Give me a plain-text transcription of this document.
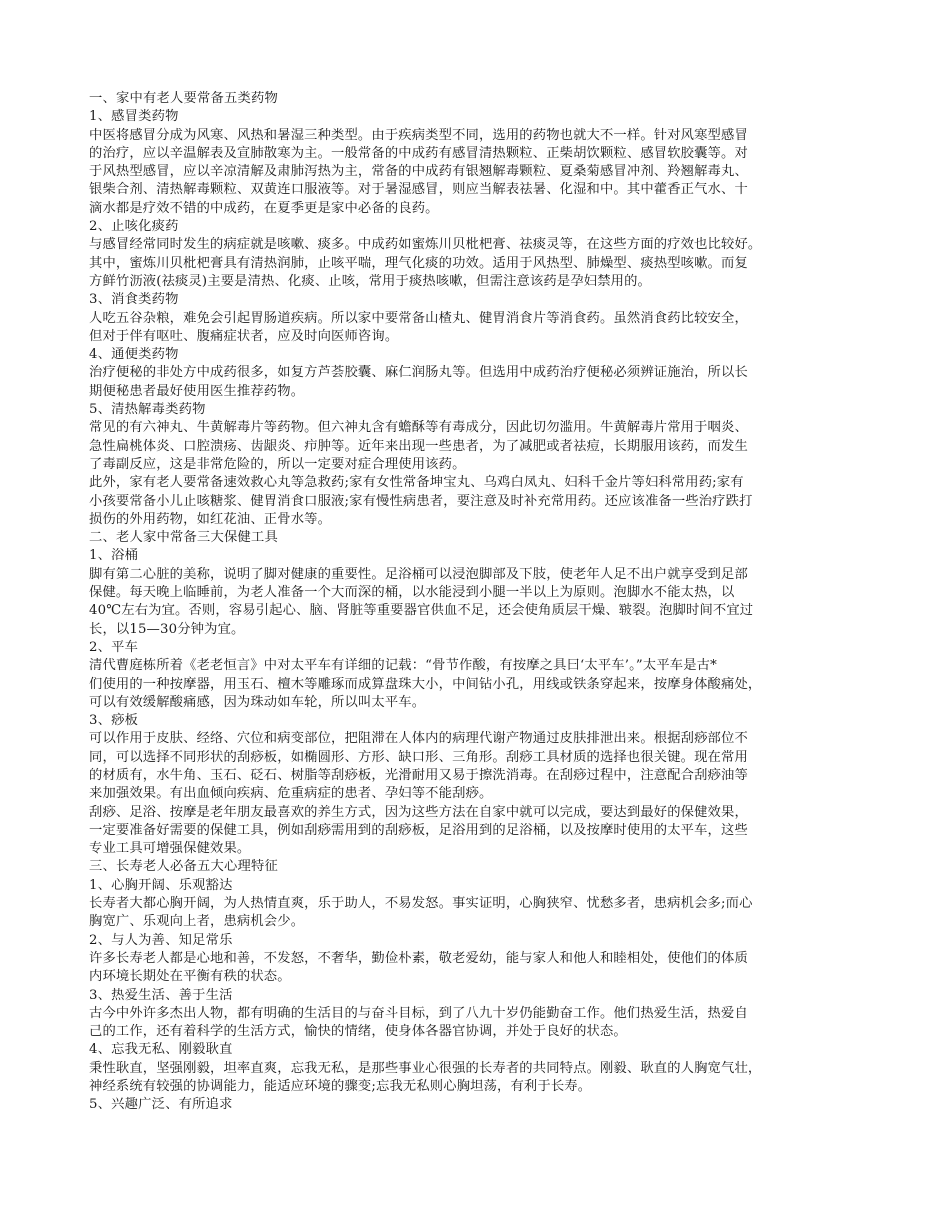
一、家中有老人要常备五类药物
1、感冒类药物
中医将感冒分成为风寒、风热和暑湿三种类型。由于疾病类型不同，选用的药物也就大不一样。针对风寒型感冒
的治疗，应以辛温解表及宣肺散寒为主。一般常备的中成药有感冒清热颗粒、正柴胡饮颗粒、感冒软胶囊等。对
于风热型感冒，应以辛凉清解及肃肺泻热为主，常备的中成药有银翘解毒颗粒、夏桑菊感冒冲剂、羚翘解毒丸、
银柴合剂、清热解毒颗粒、双黄连口服液等。对于暑湿感冒，则应当解表祛暑、化湿和中。其中藿香正气水、十
滴水都是疗效不错的中成药，在夏季更是家中必备的良药。
2、止咳化痰药
与感冒经常同时发生的病症就是咳嗽、痰多。中成药如蜜炼川贝枇杷膏、祛痰灵等，在这些方面的疗效也比较好。
其中，蜜炼川贝枇杷膏具有清热润肺，止咳平喘，理气化痰的功效。适用于风热型、肺燥型、痰热型咳嗽。而复
方鲜竹沥液(祛痰灵)主要是清热、化痰、止咳，常用于痰热咳嗽，但需注意该药是孕妇禁用的。
3、消食类药物
人吃五谷杂粮，难免会引起胃肠道疾病。所以家中要常备山楂丸、健胃消食片等消食药。虽然消食药比较安全，
但对于伴有呕吐、腹痛症状者，应及时向医师咨询。
4、通便类药物
治疗便秘的非处方中成药很多，如复方芦荟胶囊、麻仁润肠丸等。但选用中成药治疗便秘必须辨证施治，所以长
期便秘患者最好使用医生推荐药物。
5、清热解毒类药物
常见的有六神丸、牛黄解毒片等药物。但六神丸含有蟾酥等有毒成分，因此切勿滥用。牛黄解毒片常用于咽炎、
急性扁桃体炎、口腔溃疡、齿龈炎、疖肿等。近年来出现一些患者，为了减肥或者祛痘，长期服用该药，而发生
了毒副反应，这是非常危险的，所以一定要对症合理使用该药。
此外，家有老人要常备速效救心丸等急救药;家有女性常备坤宝丸、乌鸡白凤丸、妇科千金片等妇科常用药;家有
小孩要常备小儿止咳糖浆、健胃消食口服液;家有慢性病患者，要注意及时补充常用药。还应该准备一些治疗跌打
损伤的外用药物，如红花油、正骨水等。
二、老人家中常备三大保健工具
1、浴桶
脚有第二心脏的美称，说明了脚对健康的重要性。足浴桶可以浸泡脚部及下肢，使老年人足不出户就享受到足部
保健。每天晚上临睡前，为老人准备一个大而深的桶，以水能浸到小腿一半以上为原则。泡脚水不能太热，以
40℃左右为宜。否则，容易引起心、脑、肾脏等重要器官供血不足，还会使角质层干燥、皲裂。泡脚时间不宜过
长，以15—30分钟为宜。
2、平车
清代曹庭栋所着《老老恒言》中对太平车有详细的记载：“骨节作酸，有按摩之具曰‘太平车’。”太平车是古*
们使用的一种按摩器，用玉石、檀木等雕琢而成算盘珠大小，中间钻小孔，用线或铁条穿起来，按摩身体酸痛处，
可以有效缓解酸痛感，因为珠动如车轮，所以叫太平车。
3、痧板
可以作用于皮肤、经络、穴位和病变部位，把阻滞在人体内的病理代谢产物通过皮肤排泄出来。根据刮痧部位不
同，可以选择不同形状的刮痧板，如椭圆形、方形、缺口形、三角形。刮痧工具材质的选择也很关键。现在常用
的材质有，水牛角、玉石、砭石、树脂等刮痧板，光滑耐用又易于擦洗消毒。在刮痧过程中，注意配合刮痧油等
来加强效果。有出血倾向疾病、危重病症的患者、孕妇等不能刮痧。
刮痧、足浴、按摩是老年朋友最喜欢的养生方式，因为这些方法在自家中就可以完成，要达到最好的保健效果，
一定要准备好需要的保健工具，例如刮痧需用到的刮痧板，足浴用到的足浴桶，以及按摩时使用的太平车，这些
专业工具可增强保健效果。
三、长寿老人必备五大心理特征
1、心胸开阔、乐观豁达
长寿者大都心胸开阔，为人热情直爽，乐于助人，不易发怒。事实证明，心胸狭窄、忧愁多者，患病机会多;而心
胸宽广、乐观向上者，患病机会少。
2、与人为善、知足常乐
许多长寿老人都是心地和善，不发怒，不奢华，勤俭朴素，敬老爱幼，能与家人和他人和睦相处，使他们的体质
内环境长期处在平衡有秩的状态。
3、热爱生活、善于生活
古今中外许多杰出人物，都有明确的生活目的与奋斗目标，到了八九十岁仍能勤奋工作。他们热爱生活，热爱自
己的工作，还有着科学的生活方式，愉快的情绪，使身体各器官协调，并处于良好的状态。
4、忘我无私、刚毅耿直
秉性耿直，坚强刚毅，坦率直爽，忘我无私，是那些事业心很强的长寿者的共同特点。刚毅、耿直的人胸宽气壮，
神经系统有较强的协调能力，能适应环境的骤变;忘我无私则心胸坦荡，有利于长寿。
5、兴趣广泛、有所追求
